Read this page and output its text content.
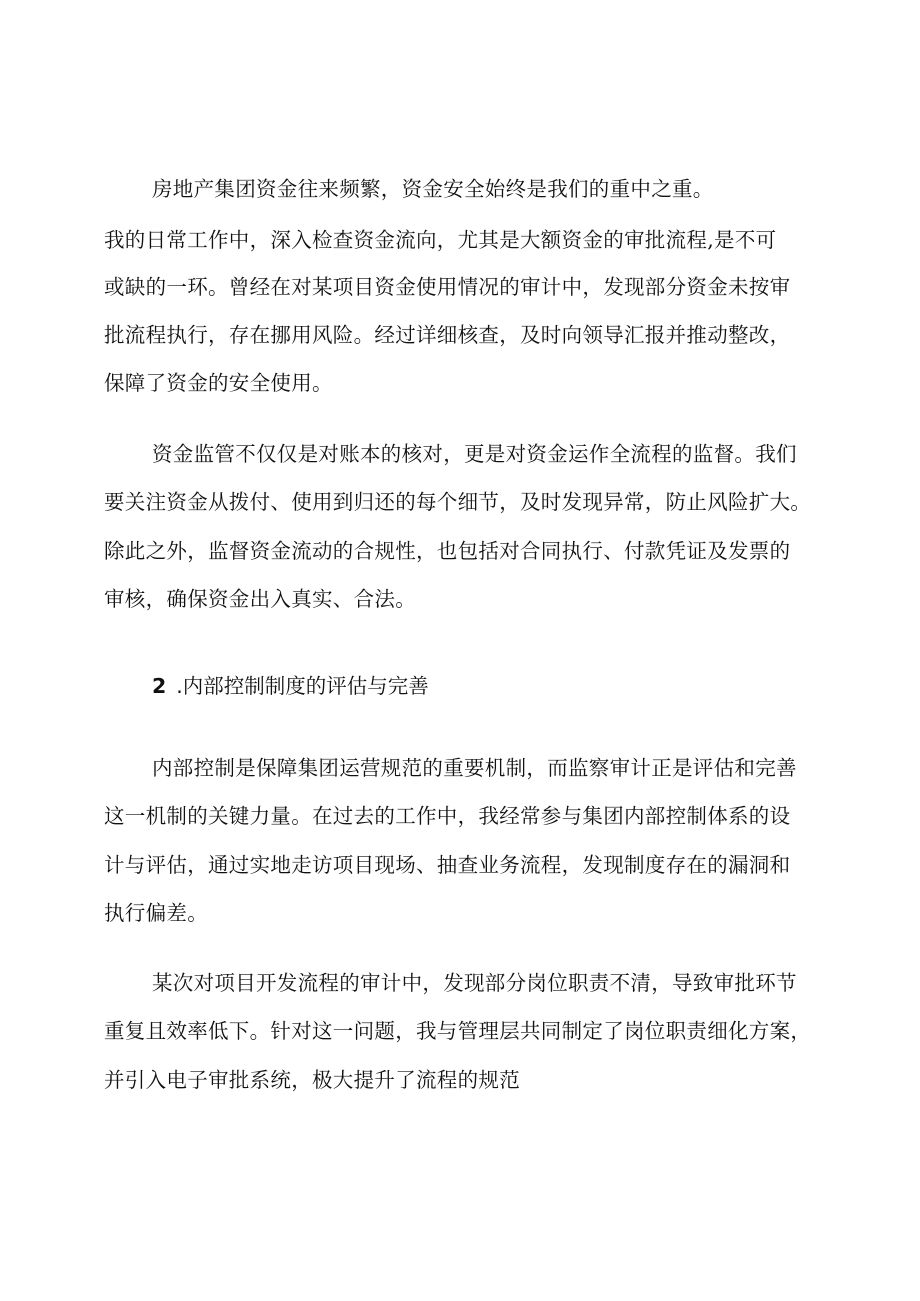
房地产集团资金往来频繁，资金安全始终是我们的重中之重。
我的日常工作中，深入检查资金流向，尤其是大额资金的审批流程,是不可
或缺的一环。曾经在对某项目资金使用情况的审计中，发现部分资金未按审
批流程执行，存在挪用风险。经过详细核查，及时向领导汇报并推动整改，
保障了资金的安全使用。
资金监管不仅仅是对账本的核对，更是对资金运作全流程的监督。我们
要关注资金从拨付、使用到归还的每个细节，及时发现异常，防止风险扩大。
除此之外，监督资金流动的合规性，也包括对合同执行、付款凭证及发票的
审核，确保资金出入真实、合法。
2 .内部控制制度的评估与完善
内部控制是保障集团运营规范的重要机制，而监察审计正是评估和完善
这一机制的关键力量。在过去的工作中，我经常参与集团内部控制体系的设
计与评估，通过实地走访项目现场、抽查业务流程，发现制度存在的漏洞和
执行偏差。
某次对项目开发流程的审计中，发现部分岗位职责不清，导致审批环节
重复且效率低下。针对这一问题，我与管理层共同制定了岗位职责细化方案，
并引入电子审批系统，极大提升了流程的规范
